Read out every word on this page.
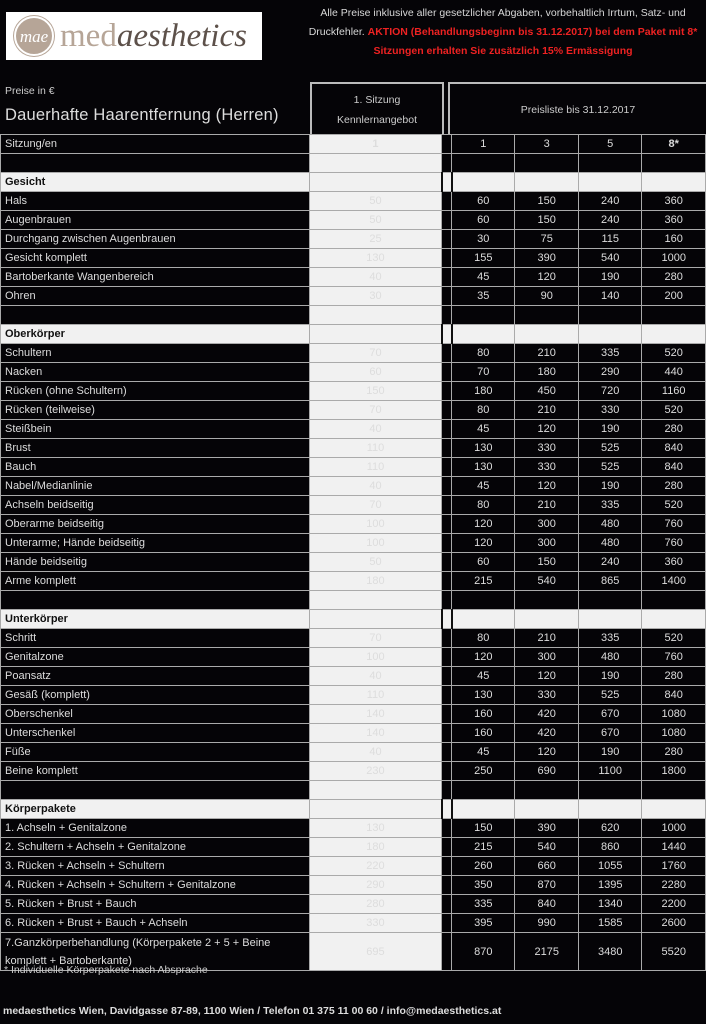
m ae medaesthetics
Alle Preise inklusive aller gesetzlicher Abgaben, vorbehaltlich Irrtum, Satz- und Druckfehler. AKTION (Behandlungsbeginn bis 31.12.2017) bei dem Paket mit 8* Sitzungen erhalten Sie zusätzlich 15% Ermässigung
Preise in €
Dauerhafte Haarentfernung (Herren)
1. Sitzung
Kennlernangebot
Preisliste bis 31.12.2017
Sitzung/en	1		1	3	5	8*

Gesicht						
Hals	50		60	150	240	360
Augenbrauen	50		60	150	240	360
Durchgang zwischen Augenbrauen	25		30	75	115	160
Gesicht komplett	130		155	390	540	1000
Bartoberkante Wangenbereich	40		45	120	190	280
Ohren	30		35	90	140	200

Oberkörper						
Schultern	70		80	210	335	520
Nacken	60		70	180	290	440
Rücken (ohne Schultern)	150		180	450	720	1160
Rücken (teilweise)	70		80	210	330	520
Steißbein	40		45	120	190	280
Brust	110		130	330	525	840
Bauch	110		130	330	525	840
Nabel/Medianlinie	40		45	120	190	280
Achseln beidseitig	70		80	210	335	520
Oberarme beidseitig	100		120	300	480	760
Unterarme; Hände beidseitig	100		120	300	480	760
Hände beidseitig	50		60	150	240	360
Arme komplett	180		215	540	865	1400

Unterkörper						
Schritt	70		80	210	335	520
Genitalzone	100		120	300	480	760
Poansatz	40		45	120	190	280
Gesäß (komplett)	110		130	330	525	840
Oberschenkel	140		160	420	670	1080
Unterschenkel	140		160	420	670	1080
Füße	40		45	120	190	280
Beine komplett	230		250	690	1100	1800

Körperpakete						
1. Achseln + Genitalzone	130		150	390	620	1000
2. Schultern + Achseln + Genitalzone	180		215	540	860	1440
3. Rücken + Achseln + Schultern	220		260	660	1055	1760
4. Rücken + Achseln + Schultern + Genitalzone	290		350	870	1395	2280
5. Rücken + Brust + Bauch	280		335	840	1340	2200
6. Rücken + Brust + Bauch + Achseln	330		395	990	1585	2600
7.Ganzkörperbehandlung (Körperpakete 2 + 5 + Beine komplett + Bartoberkante)	695		870	2175	3480	5520
* Individuelle Körperpakete nach Absprache
medaesthetics Wien, Davidgasse 87-89, 1100 Wien / Telefon 01 375 11 00 60 / info@medaesthetics.at
